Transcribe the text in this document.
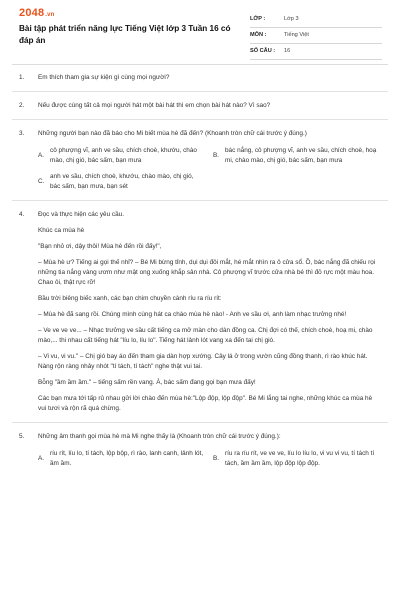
2048.vn
Bài tập phát triển năng lực Tiếng Việt lớp 3 Tuần 16 có đáp án
LỚP :	Lớp 3
MÔN :	Tiếng Việt
SỐ CÂU :	16
1. Em thích tham gia sự kiện gì cùng mọi người?
2. Nếu được cùng tất cả mọi người hát một bài hát thì em chọn bài hát nào? Vì sao?
3. Những người bạn nào đã báo cho Mi biết mùa hè đã đến? (Khoanh tròn chữ cái trước ý đúng.)
A.
cô phượng vĩ, anh ve sầu, chích choè, khướu, chào mào, chị gió, bác sấm, bạn mưa
B.
bác nắng, cô phượng vĩ, anh ve sầu, chích choè, hoạ mi, chào mào, chị gió, bác sấm, bạn mưa
C.
anh ve sầu, chích choè, khướu, chào mào, chị gió, bác sấm, bạn mưa, bạn sét
4. Đọc và thực hiện các yêu cầu.

Khúc ca mùa hè

"Bạn nhỏ ơi, dậy thôi! Mùa hè đến rồi đấy!",

– Mùa hè ư? Tiếng ai gọi thế nhỉ? – Bé Mi bừng tỉnh, dụi dụi đôi mắt, hé mắt nhìn ra ô cửa sổ. Ồ, bác nắng đã chiếu rọi những tia nắng vàng ươm như mật ong xuống khắp sân nhà. Cô phượng vĩ trước cửa nhà bé thì đỏ rực một màu hoa. Chao ôi, thật rực rỡ!

Bầu trời biêng biếc xanh, các bạn chim chuyền cành ríu ra ríu rít:

– Mùa hè đã sang rồi. Chúng mình cùng hát ca chào mùa hè nào! - Anh ve sầu ơi, anh làm nhạc trưởng nhé!

– Ve ve ve ve... – Nhạc trưởng ve sầu cất tiếng ca mở màn cho dàn đồng ca. Chị đợi có thế, chích choè, hoạ mi, chào mào,... thi nhau cất tiếng hát "líu lo, líu lo". Tiếng hát lảnh lót vang xa đến tai chị gió.

– Vi vu, vi vu." – Chị gió bay áo đến tham gia dàn hợp xướng. Cây lá ở trong vườn cũng đồng thanh, rì rào khúc hát. Nàng rộn ràng nhảy nhót "tí tách, tí tách" nghe thật vui tai.

Bỗng "ầm ầm ầm." – tiếng sấm rền vang. À, bác sấm đang gọi bạn mưa đấy!

Các bạn mưa tới tấp rủ nhau gửi lời chào đến mùa hè:"Lộp độp, lộp độp". Bé Mi lắng tai nghe, những khúc ca mùa hè vui tươi và rộn rã quá chừng.

5. Những âm thanh gọi mùa hè mà Mi nghe thấy là (Khoanh tròn chữ cái trước ý đúng.):
A.
ríu rít, líu lo, tí tách, lộp bộp, rì rào, lanh canh, lảnh lót, ầm ầm.
B.
ríu ra ríu rít, ve ve ve, líu lo líu lo, vi vu vi vu, tí tách tí tách, ầm ầm ầm, lộp độp lộp độp.
